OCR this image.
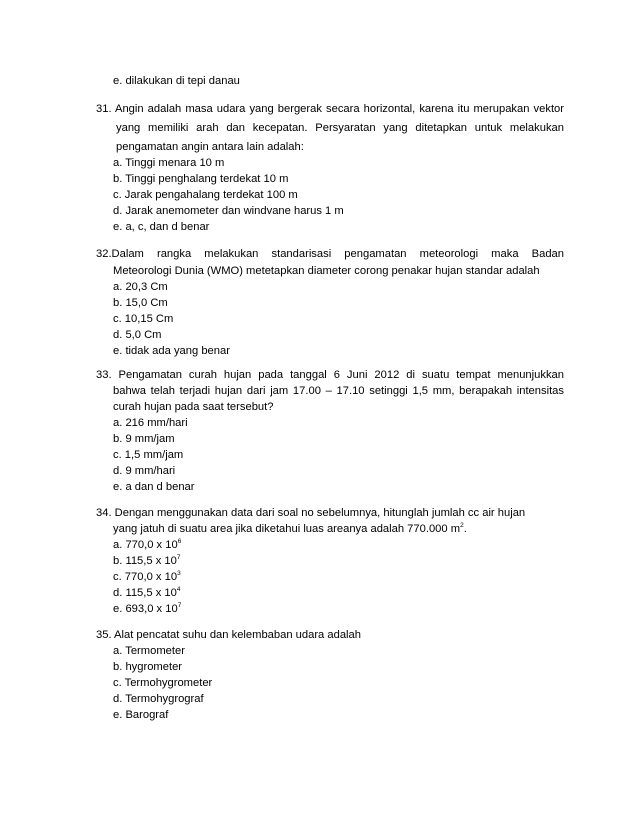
e. dilakukan di tepi danau
31. Angin adalah masa udara yang bergerak secara horizontal, karena itu merupakan vektor
yang memiliki arah dan kecepatan. Persyaratan yang ditetapkan untuk melakukan
pengamatan angin antara lain adalah:
a. Tinggi menara 10 m
b. Tinggi penghalang terdekat 10 m
c. Jarak pengahalang terdekat 100 m
d. Jarak anemometer dan windvane harus 1 m
e. a, c, dan d benar
32.Dalam rangka melakukan standarisasi pengamatan meteorologi maka Badan
Meteorologi Dunia (WMO) metetapkan diameter corong penakar hujan standar adalah
a. 20,3 Cm
b. 15,0 Cm
c. 10,15 Cm
d. 5,0 Cm
e. tidak ada yang benar
33. Pengamatan curah hujan pada tanggal 6 Juni 2012 di suatu tempat menunjukkan
bahwa telah terjadi hujan dari jam 17.00 – 17.10 setinggi 1,5 mm, berapakah intensitas
curah hujan pada saat tersebut?
a. 216 mm/hari
b. 9 mm/jam
c. 1,5 mm/jam
d. 9 mm/hari
e. a dan d benar
34. Dengan menggunakan data dari soal no sebelumnya, hitunglah jumlah cc air hujan
yang jatuh di suatu area jika diketahui luas areanya adalah 770.000 $m^2$.
a. 770,0 x $10^6$
b. 115,5 x $10^7$
c. 770,0 x $10^3$
d. 115,5 x $10^4$
e. 693,0 x $10^7$
35. Alat pencatat suhu dan kelembaban udara adalah
a. Termometer
b. hygrometer
c. Termohygrometer
d. Termohygrograf
e. Barograf
